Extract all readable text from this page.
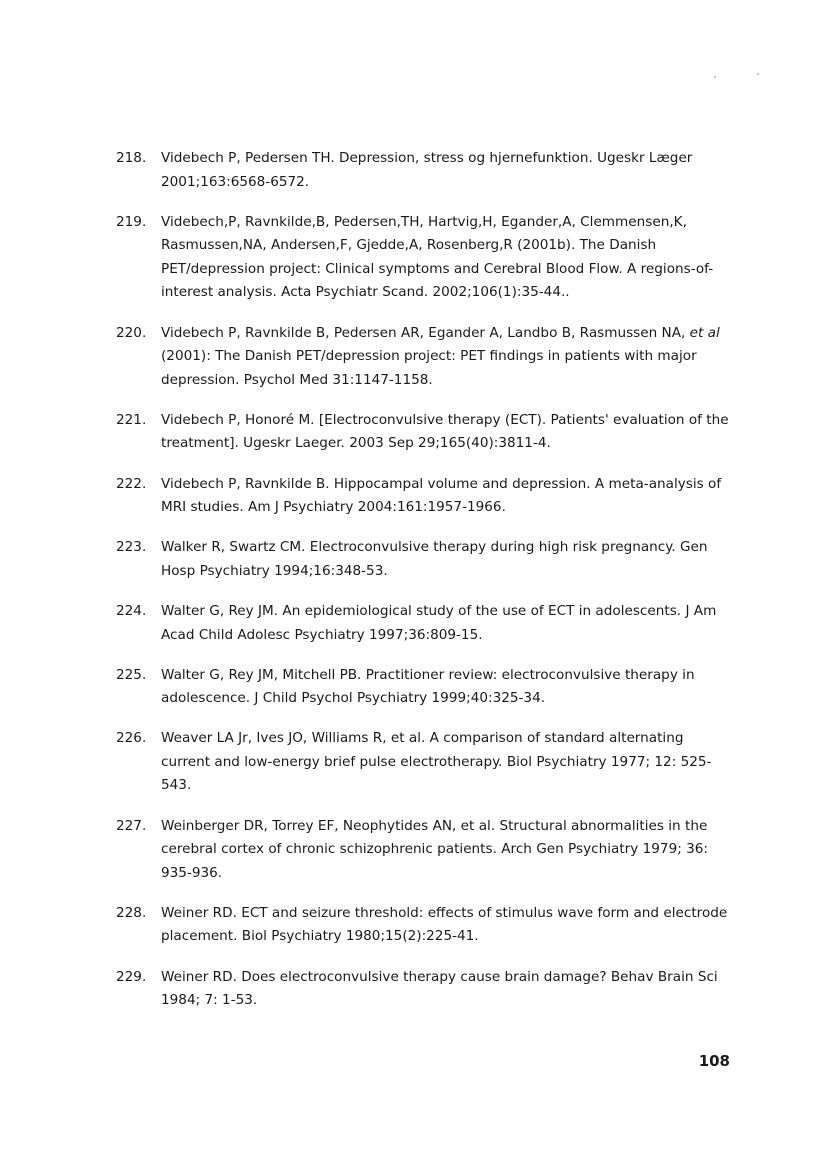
218.	Videbech P, Pedersen TH. Depression, stress og hjernefunktion. Ugeskr Læger 2001;163:6568-6572.
219.	Videbech,P, Ravnkilde,B, Pedersen,TH, Hartvig,H, Egander,A, Clemmensen,K, Rasmussen,NA, Andersen,F, Gjedde,A, Rosenberg,R (2001b). The Danish PET/depression project: Clinical symptoms and Cerebral Blood Flow. A regions-of-interest analysis. Acta Psychiatr Scand. 2002;106(1):35-44..
220.	Videbech P, Ravnkilde B, Pedersen AR, Egander A, Landbo B, Rasmussen NA, et al (2001): The Danish PET/depression project: PET findings in patients with major depression. Psychol Med 31:1147-1158.
221.	Videbech P, Honoré M. [Electroconvulsive therapy (ECT). Patients' evaluation of the treatment]. Ugeskr Laeger. 2003 Sep 29;165(40):3811-4.
222.	Videbech P, Ravnkilde B. Hippocampal volume and depression. A meta-analysis of MRI studies. Am J Psychiatry 2004:161:1957-1966.
223.	Walker R, Swartz CM. Electroconvulsive therapy during high risk pregnancy. Gen Hosp Psychiatry 1994;16:348-53.
224.	Walter G, Rey JM. An epidemiological study of the use of ECT in adolescents. J Am Acad Child Adolesc Psychiatry 1997;36:809-15.
225.	Walter G, Rey JM, Mitchell PB. Practitioner review: electroconvulsive therapy in adolescence. J Child Psychol Psychiatry 1999;40:325-34.
226.	Weaver LA Jr, Ives JO, Williams R, et al. A comparison of standard alternating current and low-energy brief pulse electrotherapy. Biol Psychiatry 1977; 12: 525-543.
227.	Weinberger DR, Torrey EF, Neophytides AN, et al. Structural abnormalities in the cerebral cortex of chronic schizophrenic patients. Arch Gen Psychiatry 1979; 36: 935-936.
228.	Weiner RD. ECT and seizure threshold: effects of stimulus wave form and electrode placement. Biol Psychiatry 1980;15(2):225-41.
229.	Weiner RD. Does electroconvulsive therapy cause brain damage? Behav Brain Sci 1984; 7: 1-53.
108
